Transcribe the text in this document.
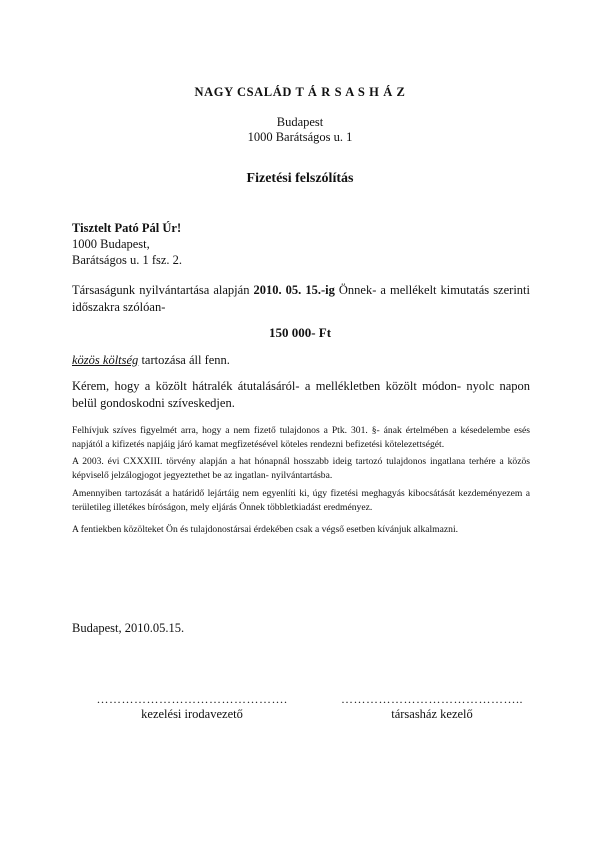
NAGY CSALÁD T Á R S A S H Á Z
Budapest
1000 Barátságos u. 1
Fizetési felszólítás
Tisztelt Pató Pál Úr!
1000 Budapest,
Barátságos u. 1 fsz. 2.
Társaságunk nyilvántartása alapján 2010. 05. 15.-ig Önnek- a mellékelt kimutatás szerinti időszakra szólóan-
150 000- Ft
közös költség tartozása áll fenn.
Kérem, hogy a közölt hátralék átutalásáról- a mellékletben közölt módon- nyolc napon belül gondoskodni szíveskedjen.
Felhívjuk szíves figyelmét arra, hogy a nem fizető tulajdonos a Ptk. 301. §- ának értelmében a késedelembe esés napjától a kifizetés napjáig járó kamat megfizetésével köteles rendezni befizetési kötelezettségét.
A 2003. évi CXXXIII. törvény alapján a hat hónapnál hosszabb ideig tartozó tulajdonos ingatlana terhére a közös képviselő jelzálogjogot jegyeztethet be az ingatlan- nyilvántartásba.
Amennyiben tartozását a határidő lejártáig nem egyenlíti ki, úgy fizetési meghagyás kibocsátását kezdeményezem a területileg illetékes bíróságon, mely eljárás Önnek többletkiadást eredményez.
A fentiekben közölteket Ön és tulajdonostársai érdekében csak a végső esetben kívánjuk alkalmazni.
Budapest, 2010.05.15.
……………………………………….
kezelési irodavezető
……………………………………..
társasház kezelő
